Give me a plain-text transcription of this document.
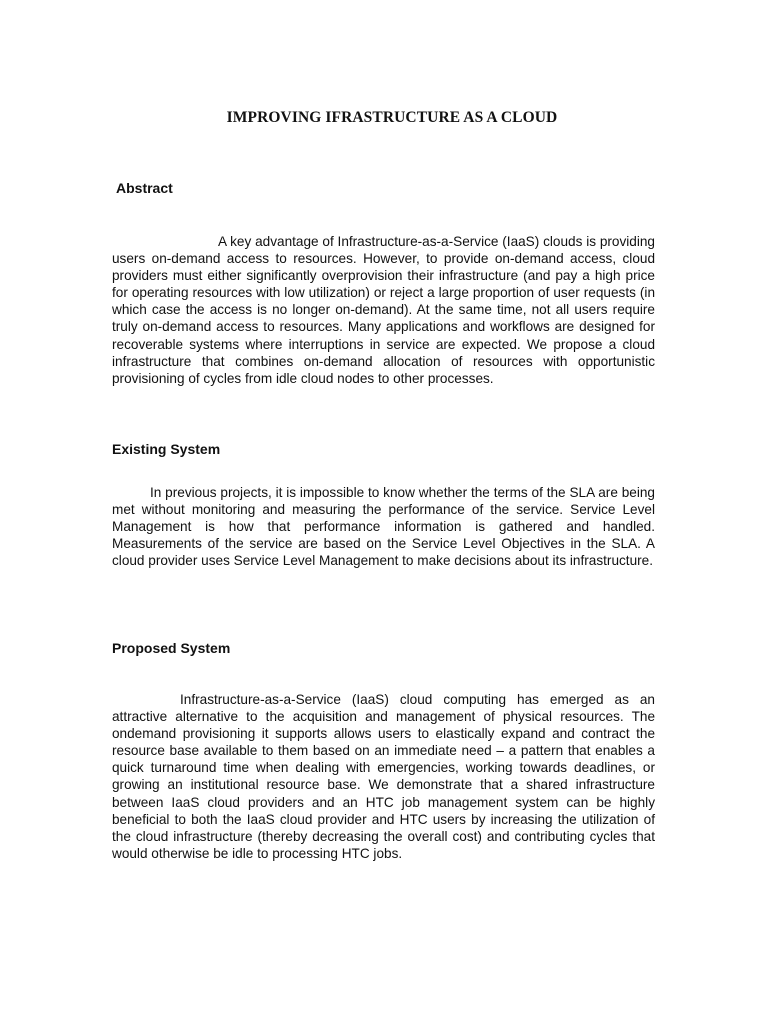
IMPROVING IFRASTRUCTURE AS A CLOUD
Abstract

A key advantage of Infrastructure-as-a-Service (IaaS) clouds is providing users on-demand access to resources. However, to provide on-demand access, cloud providers must either significantly overprovision their infrastructure (and pay a high price for operating resources with low utilization) or reject a large proportion of user requests (in which case the access is no longer on-demand). At the same time, not all users require truly on-demand access to resources. Many applications and workflows are designed for recoverable systems where interruptions in service are expected. We propose a cloud infrastructure that combines on-demand allocation of resources with opportunistic provisioning of cycles from idle cloud nodes to other processes.

Existing System

In previous projects, it is impossible to know whether the terms of the SLA are being met without monitoring and measuring the performance of the service. Service Level Management is how that performance information is gathered and handled. Measurements of the service are based on the Service Level Objectives in the SLA. A cloud provider uses Service Level Management to make decisions about its infrastructure.

Proposed System

Infrastructure-as-a-Service (IaaS) cloud computing has emerged as an attractive alternative to the acquisition and management of physical resources. The ondemand provisioning it supports allows users to elastically expand and contract the resource base available to them based on an immediate need – a pattern that enables a quick turnaround time when dealing with emergencies, working towards deadlines, or growing an institutional resource base. We demonstrate that a shared infrastructure between IaaS cloud providers and an HTC job management system can be highly beneficial to both the IaaS cloud provider and HTC users by increasing the utilization of the cloud infrastructure (thereby decreasing the overall cost) and contributing cycles that would otherwise be idle to processing HTC jobs.
